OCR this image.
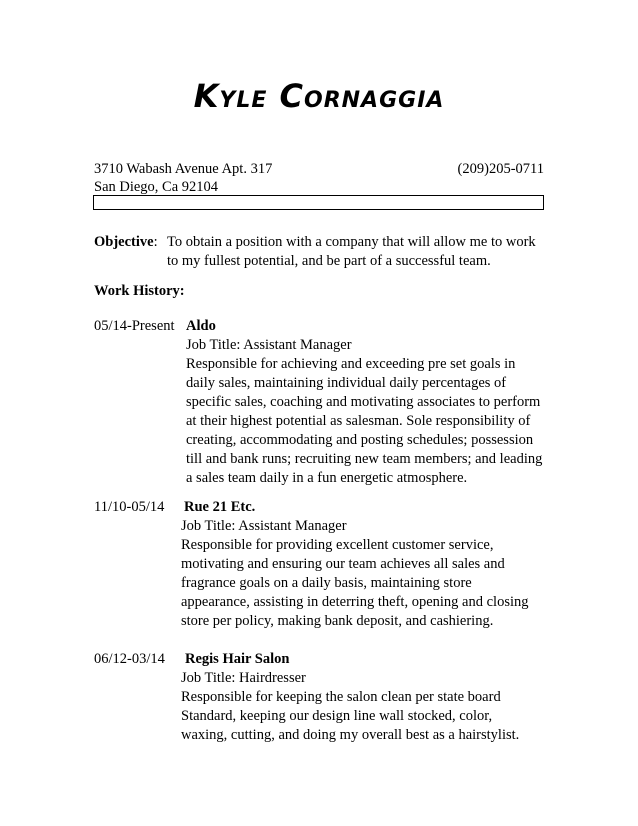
Kyle Cornaggia
3710 Wabash Avenue Apt. 317	(209)205-0711
San Diego, Ca 92104
Objective: To obtain a position with a company that will allow me to work
to my fullest potential, and be part of a successful team.
Work History:
05/14-Present Aldo
Job Title: Assistant Manager
Responsible for achieving and exceeding pre set goals in
daily sales, maintaining individual daily percentages of
specific sales, coaching and motivating associates to perform
at their highest potential as salesman. Sole responsibility of
creating, accommodating and posting schedules; possession
till and bank runs; recruiting new team members; and leading
a sales team daily in a fun energetic atmosphere.
11/10-05/14 Rue 21 Etc.
Job Title: Assistant Manager
Responsible for providing excellent customer service,
motivating and ensuring our team achieves all sales and
fragrance goals on a daily basis, maintaining store
appearance, assisting in deterring theft, opening and closing
store per policy, making bank deposit, and cashiering.
06/12-03/14 Regis Hair Salon
Job Title: Hairdresser
Responsible for keeping the salon clean per state board
Standard, keeping our design line wall stocked, color,
waxing, cutting, and doing my overall best as a hairstylist.
